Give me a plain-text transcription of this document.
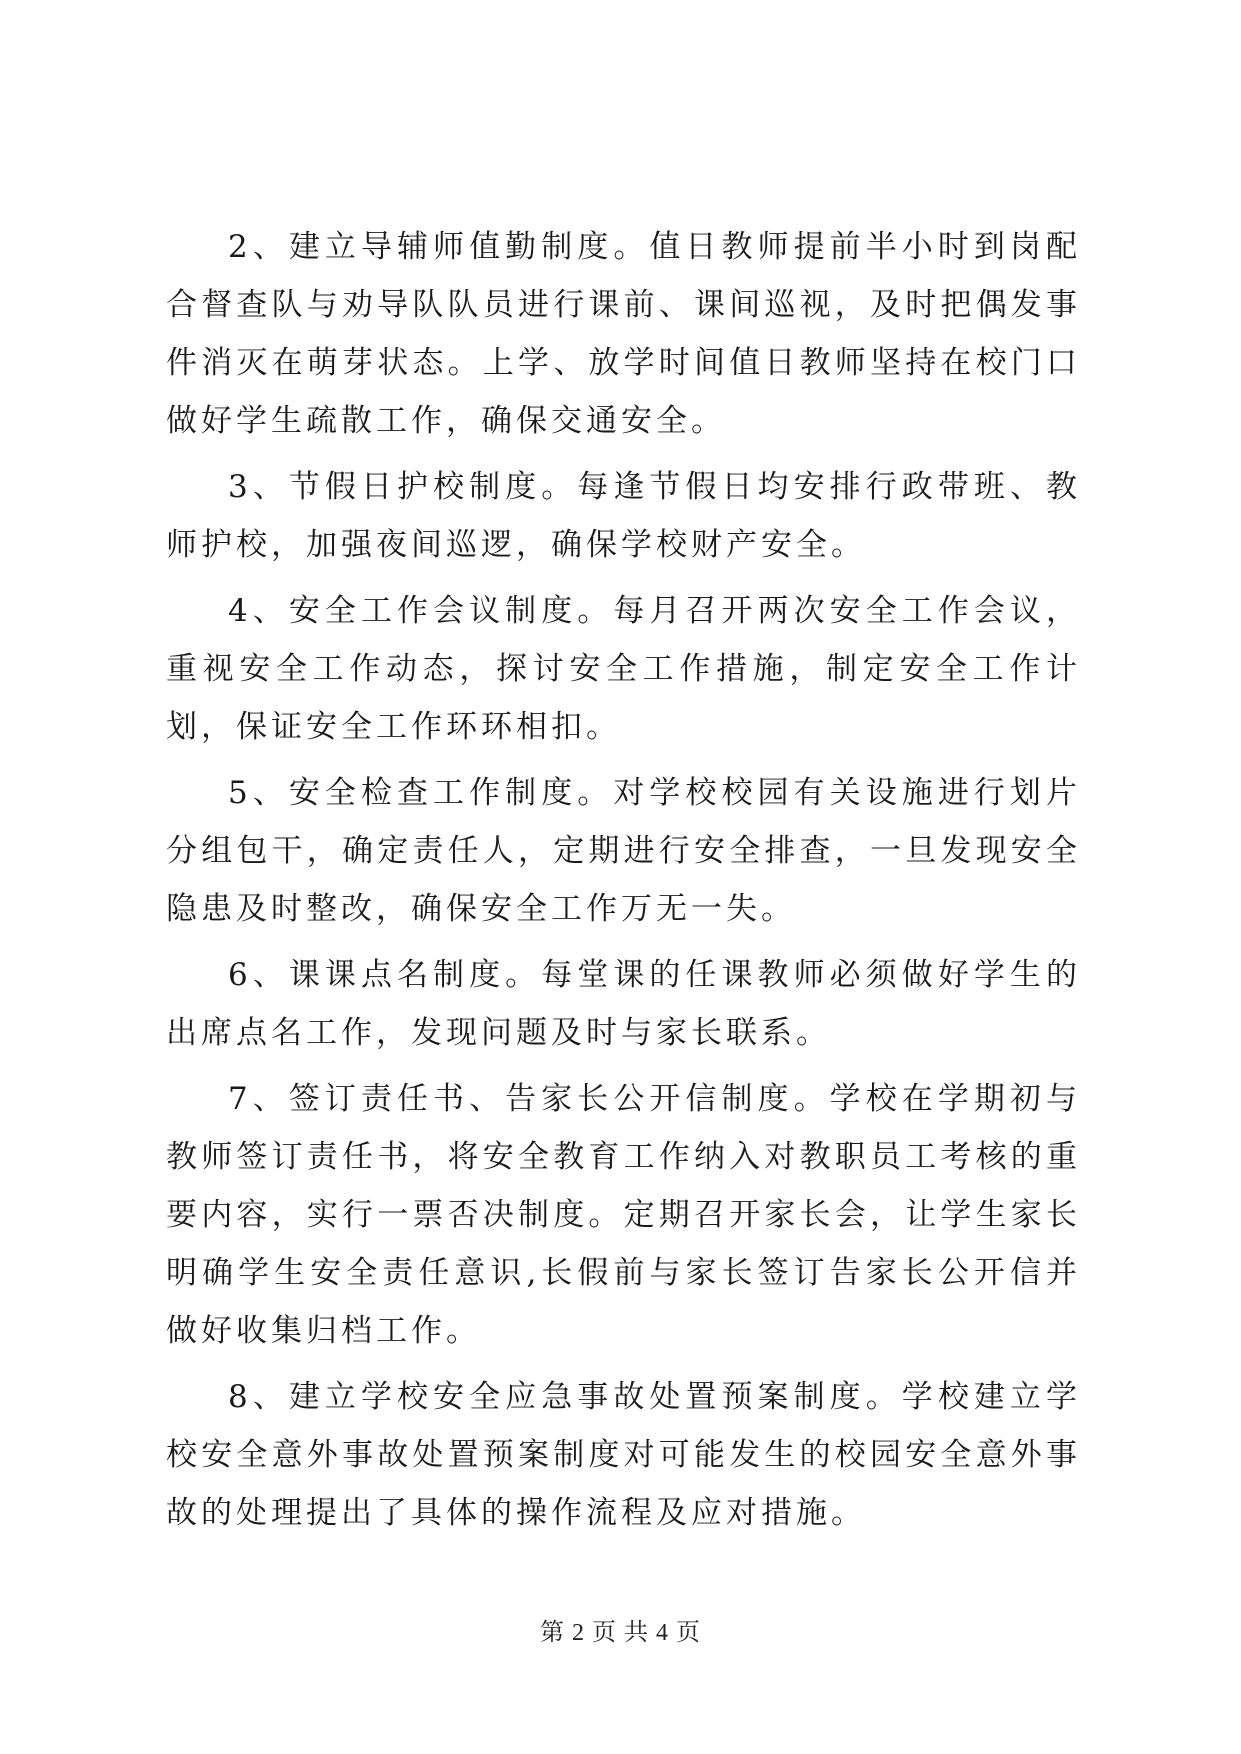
2、建立导辅师值勤制度。值日教师提前半小时到岗配合督查队与劝导队队员进行课前、课间巡视，及时把偶发事件消灭在萌芽状态。上学、放学时间值日教师坚持在校门口做好学生疏散工作，确保交通安全。

3、节假日护校制度。每逢节假日均安排行政带班、教师护校，加强夜间巡逻，确保学校财产安全。

4、安全工作会议制度。每月召开两次安全工作会议，重视安全工作动态，探讨安全工作措施，制定安全工作计划，保证安全工作环环相扣。

5、安全检查工作制度。对学校校园有关设施进行划片分组包干，确定责任人，定期进行安全排查，一旦发现安全隐患及时整改，确保安全工作万无一失。

6、课课点名制度。每堂课的任课教师必须做好学生的出席点名工作，发现问题及时与家长联系。

7、签订责任书、告家长公开信制度。学校在学期初与教师签订责任书，将安全教育工作纳入对教职员工考核的重要内容，实行一票否决制度。定期召开家长会，让学生家长明确学生安全责任意识,长假前与家长签订告家长公开信并做好收集归档工作。

8、建立学校安全应急事故处置预案制度。学校建立学校安全意外事故处置预案制度对可能发生的校园安全意外事故的处理提出了具体的操作流程及应对措施。

第 2 页 共 4 页
